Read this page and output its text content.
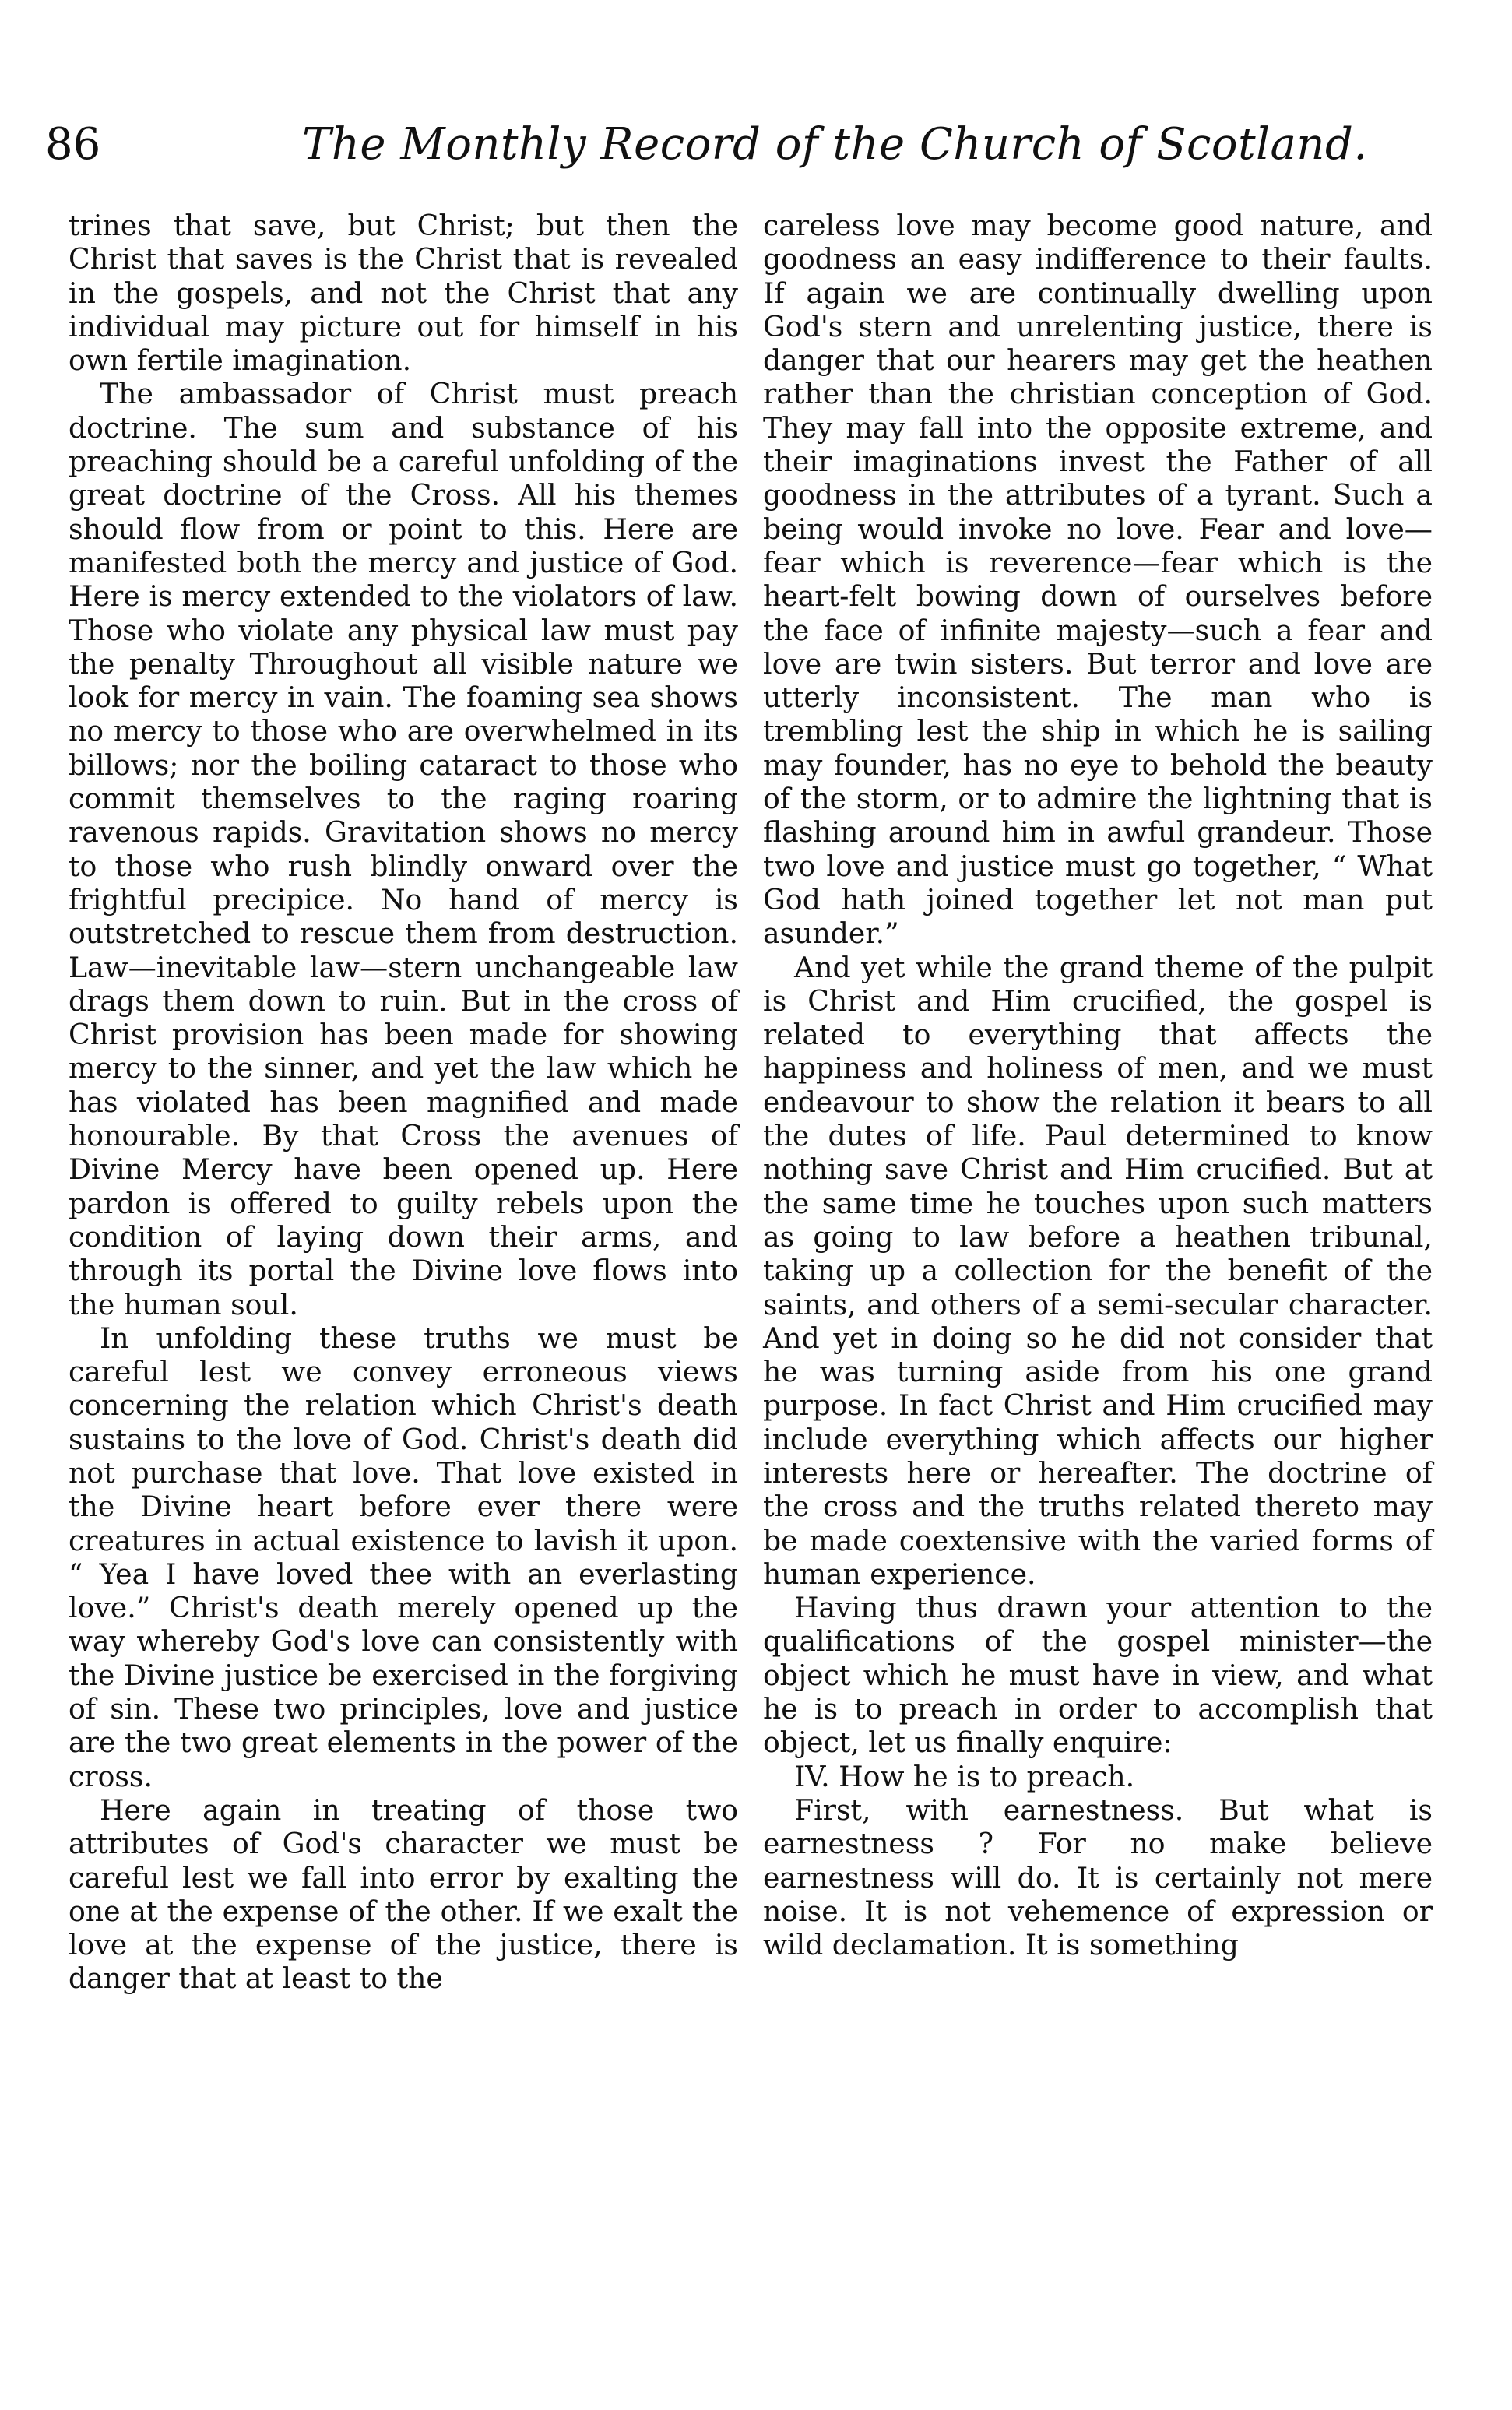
86	The Monthly Record of the Church of Scotland.

trines that save, but Christ; but then the Christ that saves is the Christ that is revealed in the gospels, and not the Christ that any individual may picture out for himself in his own fertile imagination.

The ambassador of Christ must preach doctrine. The sum and substance of his preaching should be a careful unfolding of the great doctrine of the Cross. All his themes should flow from or point to this. Here are manifested both the mercy and justice of God. Here is mercy extended to the violators of law. Those who violate any physical law must pay the penalty Throughout all visible nature we look for mercy in vain. The foaming sea shows no mercy to those who are overwhelmed in its billows; nor the boiling cataract to those who commit themselves to the raging roaring ravenous rapids. Gravitation shows no mercy to those who rush blindly onward over the frightful precipice. No hand of mercy is outstretched to rescue them from destruction. Law—inevitable law—stern unchangeable law drags them down to ruin. But in the cross of Christ provision has been made for showing mercy to the sinner, and yet the law which he has violated has been magnified and made honourable. By that Cross the avenues of Divine Mercy have been opened up. Here pardon is offered to guilty rebels upon the condition of laying down their arms, and through its portal the Divine love flows into the human soul.

In unfolding these truths we must be careful lest we convey erroneous views concerning the relation which Christ's death sustains to the love of God. Christ's death did not purchase that love. That love existed in the Divine heart before ever there were creatures in actual existence to lavish it upon. “ Yea I have loved thee with an everlasting love.” Christ's death merely opened up the way whereby God's love can consistently with the Divine justice be exercised in the forgiving of sin. These two principles, love and justice are the two great elements in the power of the cross.

Here again in treating of those two attributes of God's character we must be careful lest we fall into error by exalting the one at the expense of the other. If we exalt the love at the expense of the justice, there is danger that at least to the

careless love may become good nature, and goodness an easy indifference to their faults. If again we are continually dwelling upon God's stern and unrelenting justice, there is danger that our hearers may get the heathen rather than the christian conception of God. They may fall into the opposite extreme, and their imaginations invest the Father of all goodness in the attributes of a tyrant. Such a being would invoke no love. Fear and love—fear which is reverence—fear which is the heart-felt bowing down of ourselves before the face of infinite majesty—such a fear and love are twin sisters. But terror and love are utterly inconsistent. The man who is trembling lest the ship in which he is sailing may founder, has no eye to behold the beauty of the storm, or to admire the lightning that is flashing around him in awful grandeur. Those two love and justice must go together, “ What God hath joined together let not man put asunder.”

And yet while the grand theme of the pulpit is Christ and Him crucified, the gospel is related to everything that affects the happiness and holiness of men, and we must endeavour to show the relation it bears to all the dutes of life. Paul determined to know nothing save Christ and Him crucified. But at the same time he touches upon such matters as going to law before a heathen tribunal, taking up a collection for the benefit of the saints, and others of a semi-secular character. And yet in doing so he did not consider that he was turning aside from his one grand purpose. In fact Christ and Him crucified may include everything which affects our higher interests here or hereafter. The doctrine of the cross and the truths related thereto may be made coextensive with the varied forms of human experience.

Having thus drawn your attention to the qualifications of the gospel minister—the object which he must have in view, and what he is to preach in order to accomplish that object, let us finally enquire:

IV. How he is to preach.

First, with earnestness. But what is earnestness ? For no make believe earnestness will do. It is certainly not mere noise. It is not vehemence of expression or wild declamation. It is something
